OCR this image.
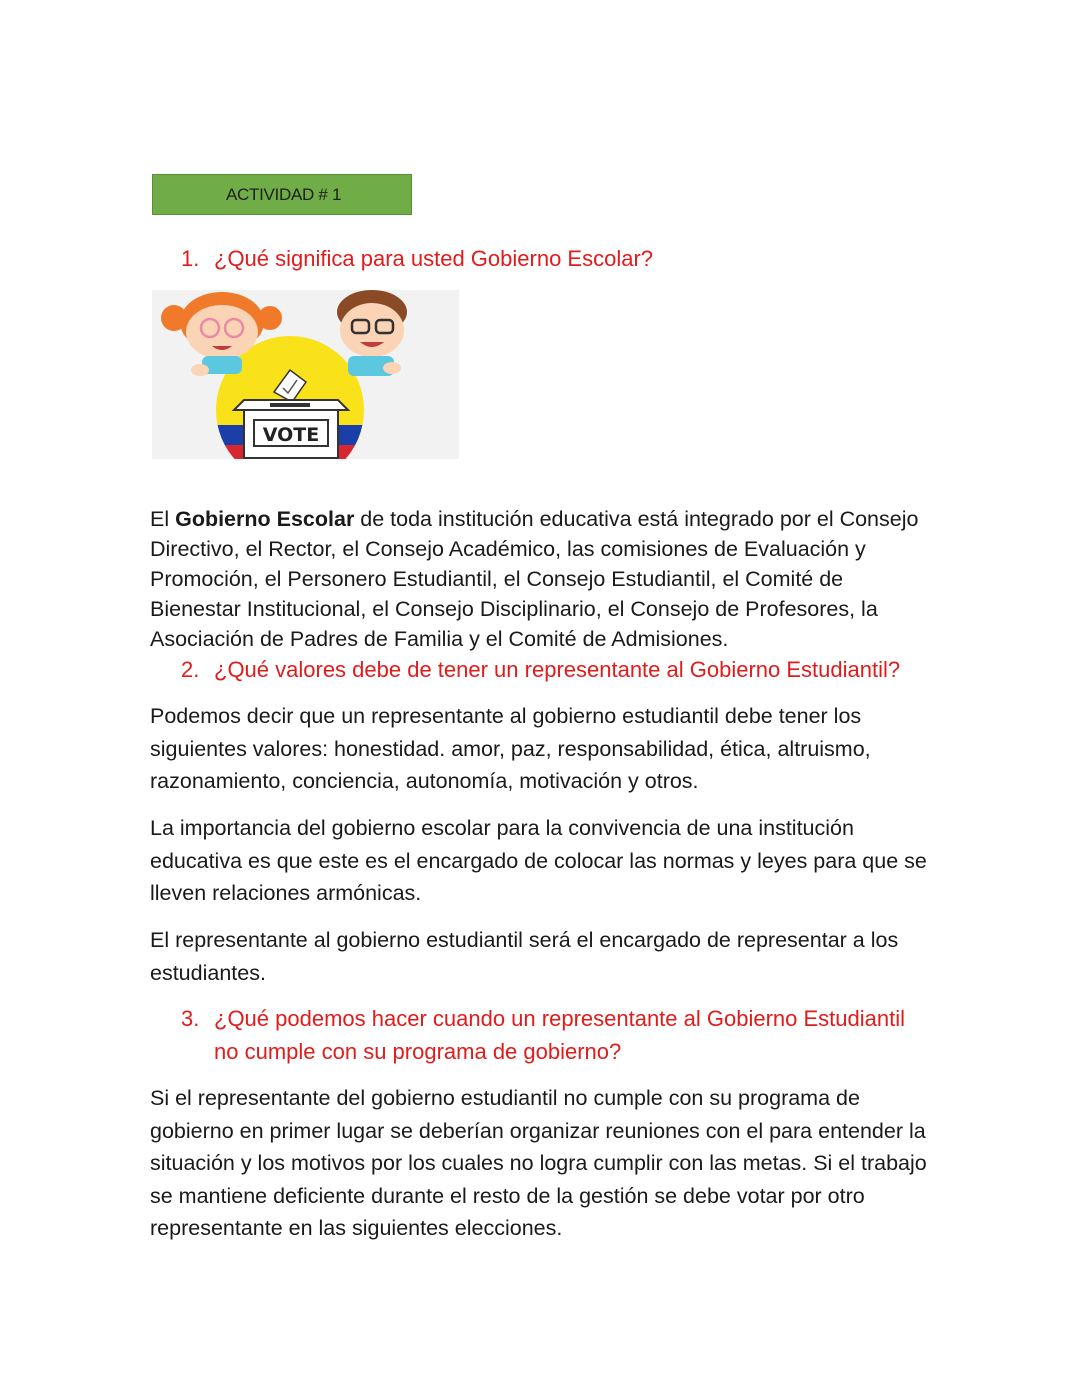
ACTIVIDAD # 1
1. ¿Qué significa para usted Gobierno Escolar?
VOTE

El Gobierno Escolar de toda institución educativa está integrado por el Consejo Directivo, el Rector, el Consejo Académico, las comisiones de Evaluación y Promoción, el Personero Estudiantil, el Consejo Estudiantil, el Comité de Bienestar Institucional, el Consejo Disciplinario, el Consejo de Profesores, la Asociación de Padres de Familia y el Comité de Admisiones.

2. ¿Qué valores debe de tener un representante al Gobierno Estudiantil?

Podemos decir que un representante al gobierno estudiantil debe tener los siguientes valores: honestidad. amor, paz, responsabilidad, ética, altruismo, razonamiento, conciencia, autonomía, motivación y otros.

La importancia del gobierno escolar para la convivencia de una institución educativa es que este es el encargado de colocar las normas y leyes para que se lleven relaciones armónicas.

El representante al gobierno estudiantil será el encargado de representar a los estudiantes.

3. ¿Qué podemos hacer cuando un representante al Gobierno Estudiantil
no cumple con su programa de gobierno?

Si el representante del gobierno estudiantil no cumple con su programa de gobierno en primer lugar se deberían organizar reuniones con el para entender la situación y los motivos por los cuales no logra cumplir con las metas. Si el trabajo se mantiene deficiente durante el resto de la gestión se debe votar por otro representante en las siguientes elecciones.
